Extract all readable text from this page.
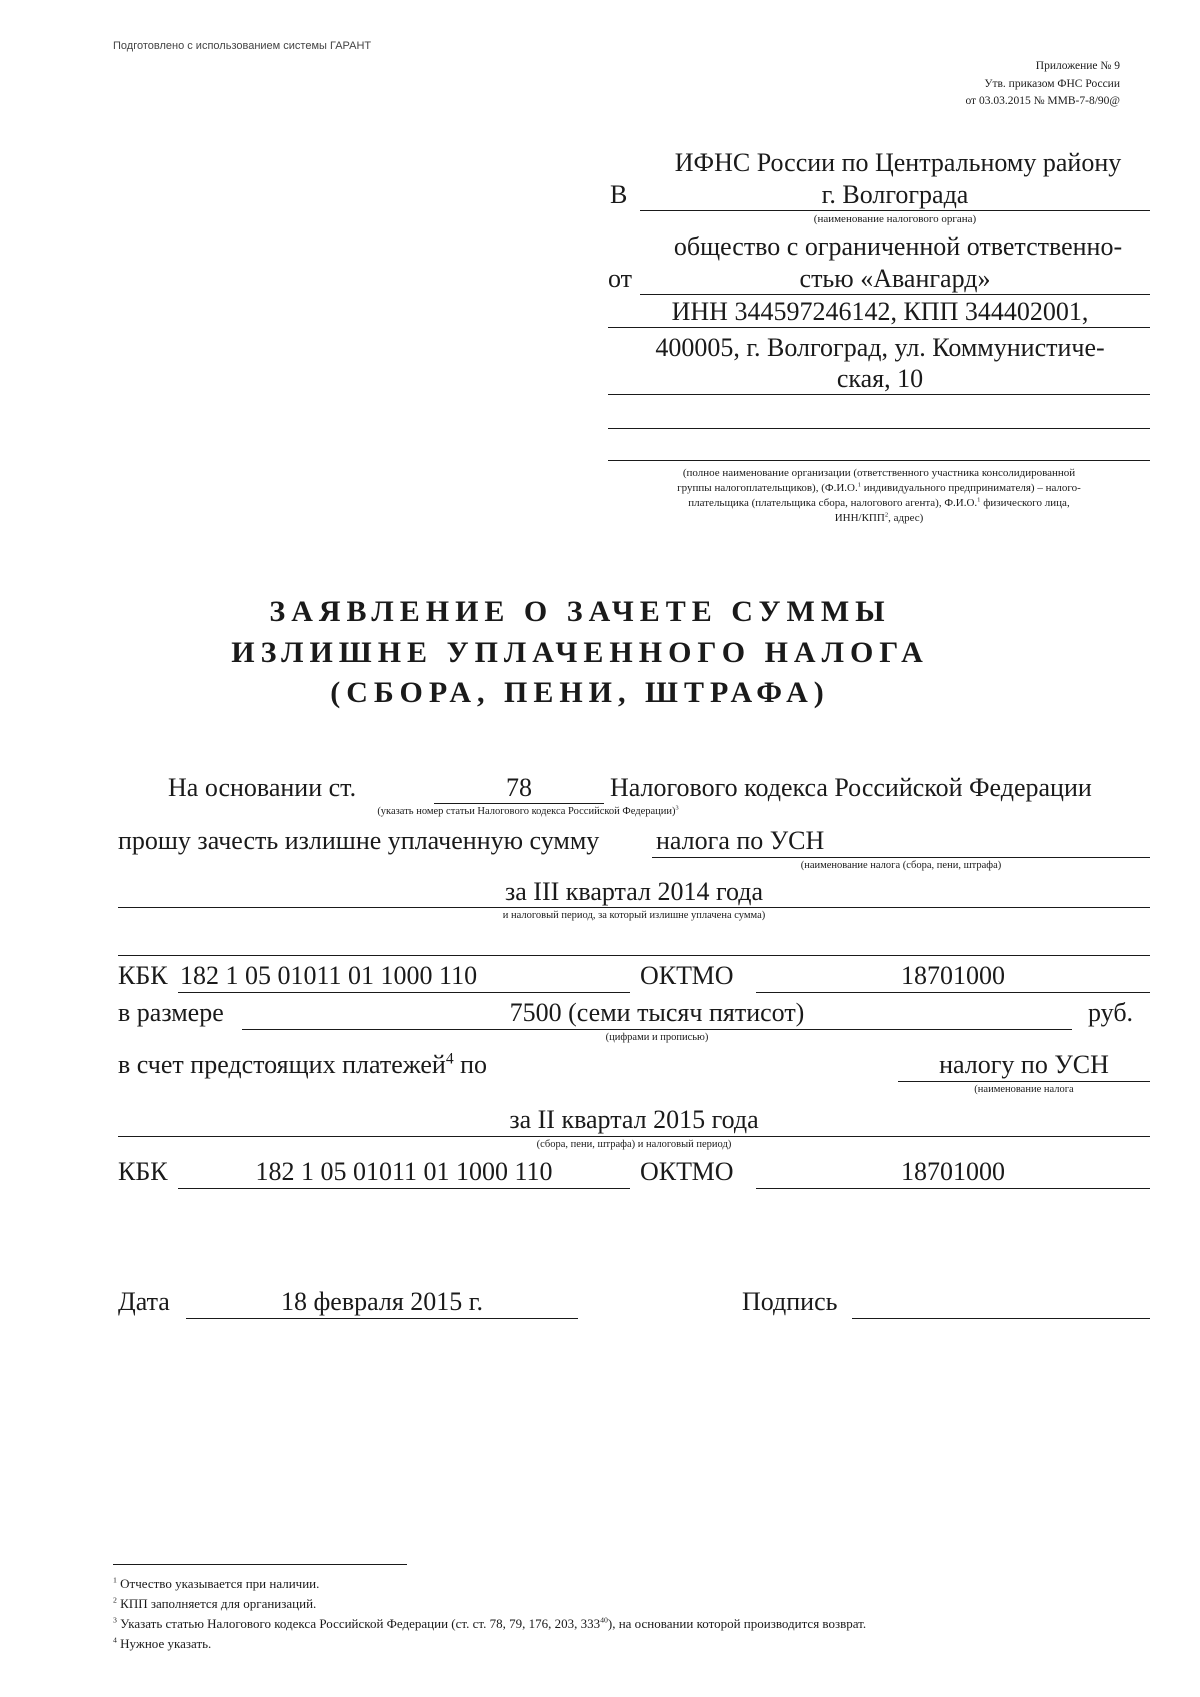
Подготовлено с использованием системы ГАРАНТ
Приложение № 9
Утв. приказом ФНС России
от 03.03.2015 № ММВ-7-8/90@
ИФНС России по Центральному району
В	г. Волгограда
(наименование налогового органа)
общество с ограниченной ответственно-
от	стью «Авангард»
ИНН 344597246142, КПП 344402001,
400005, г. Волгоград, ул. Коммунистиче-
ская, 10
(полное наименование организации (ответственного участника консолидированной
группы налогоплательщиков), (Ф.И.О.$^1$ индивидуального предпринимателя) – налого-
плательщика (плательщика сбора, налогового агента), Ф.И.О.$^1$ физического лица,
ИНН/КПП$^2$, адрес)
ЗАЯВЛЕНИЕ О ЗАЧЕТЕ СУММЫ
ИЗЛИШНЕ УПЛАЧЕННОГО НАЛОГА
(СБОРА, ПЕНИ, ШТРАФА)
На основании ст.	78	Налогового кодекса Российской Федерации
(указать номер статьи Налогового кодекса Российской Федерации)$^3$
прошу зачесть излишне уплаченную сумму налога по УСН
(наименование налога (сбора, пени, штрафа)
за III квартал 2014 года
и налоговый период, за который излишне уплачена сумма)
КБК 182 1 05 01011 01 1000 110	ОКТМО	18701000
в размере	7500 (семи тысяч пятисот)	руб.
(цифрами и прописью)
в счет предстоящих платежей$^4$ по	налогу по УСН
(наименование налога
за II квартал 2015 года
(сбора, пени, штрафа) и налоговый период)
КБК	182 1 05 01011 01 1000 110	ОКТМО	18701000
Дата	18 февраля 2015 г.	Подпись
$^1$ Отчество указывается при наличии.
$^2$ КПП заполняется для организаций.
$^3$ Указать статью Налогового кодекса Российской Федерации (ст. ст. 78, 79, 176, 203, $333^{40}$), на основании которой производится возврат.
$^4$ Нужное указать.
